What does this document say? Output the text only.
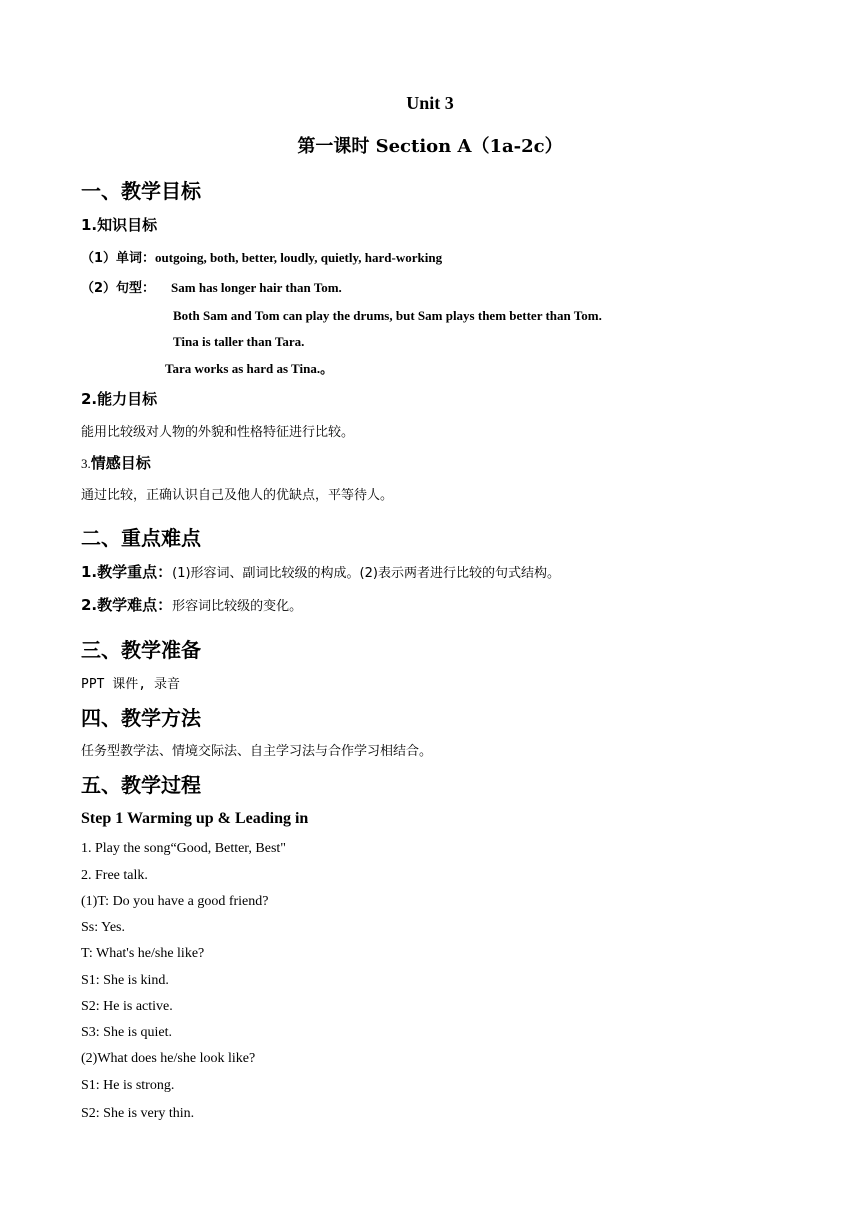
Unit 3
第一课时 Section A（1a-2c）
一、教学目标
1.知识目标
（1）单词：outgoing, both, better, loudly, quietly, hard-working
（2）句型： Sam has longer hair than Tom.
Both Sam and Tom can play the drums, but Sam plays them better than Tom.
Tina is taller than Tara.
Tara works as hard as Tina.。
2.能力目标
能用比较级对人物的外貌和性格特征进行比较。
3.情感目标
通过比较，正确认识自己及他人的优缺点，平等待人。
二、重点难点
1.教学重点：(1)形容词、副词比较级的构成。(2)表示两者进行比较的句式结构。
2.教学难点：形容词比较级的变化。
三、教学准备
PPT 课件, 录音
四、教学方法
任务型教学法、情境交际法、自主学习法与合作学习相结合。
五、教学过程
Step 1 Warming up & Leading in
1. Play the song“Good, Better, Best"
2. Free talk.
(1)T: Do you have a good friend?
Ss: Yes.
T: What's he/she like?
S1: She is kind.
S2: He is active.
S3: She is quiet.
(2)What does he/she look like?
S1: He is strong.
S2: She is very thin.
